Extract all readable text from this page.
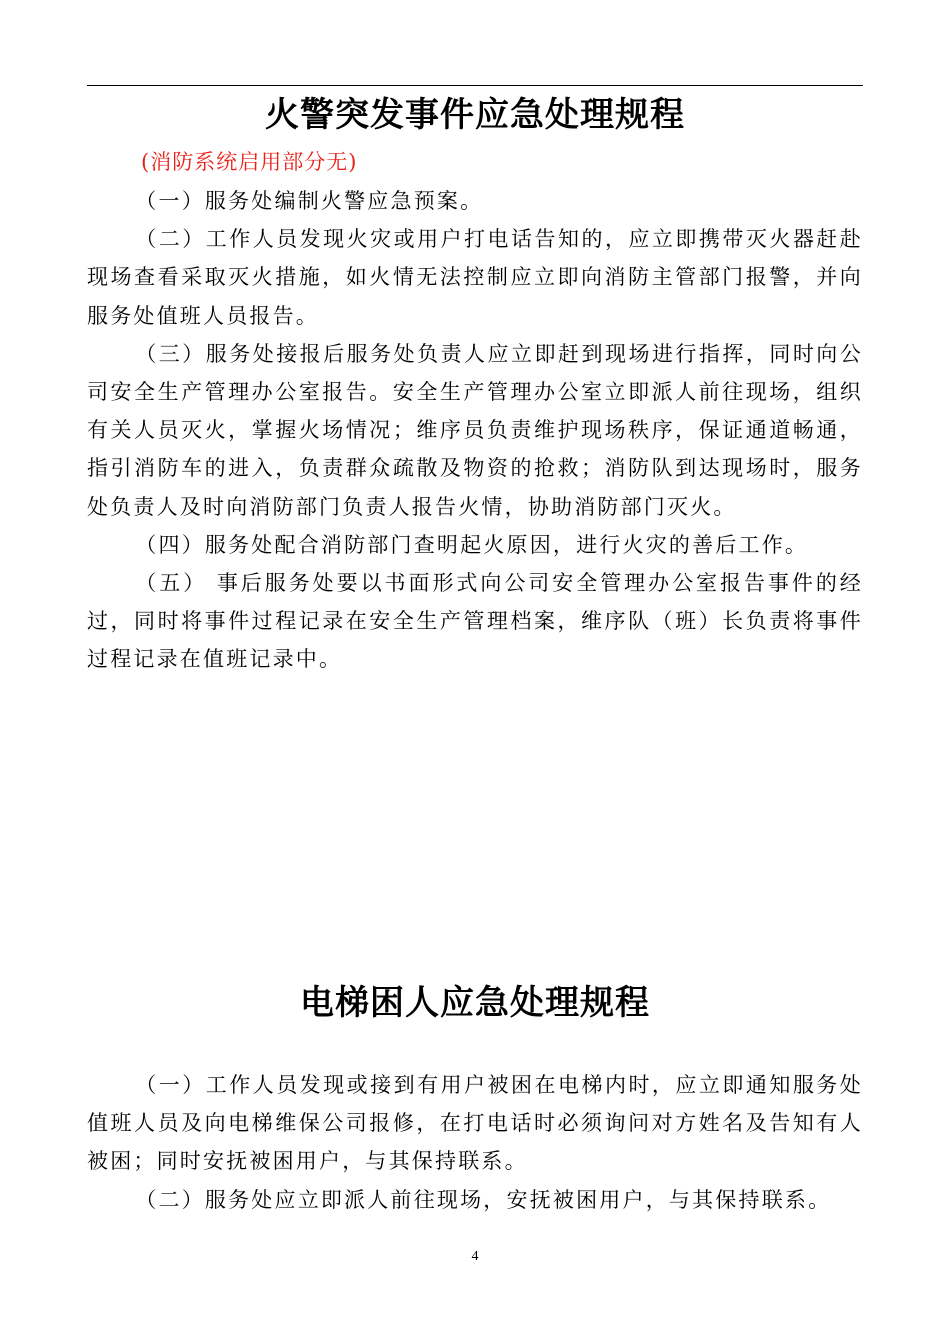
火警突发事件应急处理规程
(消防系统启用部分无)

（一）服务处编制火警应急预案。

（二）工作人员发现火灾或用户打电话告知的，应立即携带灭火器赶赴现场查看采取灭火措施，如火情无法控制应立即向消防主管部门报警，并向服务处值班人员报告。

（三）服务处接报后服务处负责人应立即赶到现场进行指挥，同时向公司安全生产管理办公室报告。安全生产管理办公室立即派人前往现场，组织有关人员灭火，掌握火场情况；维序员负责维护现场秩序，保证通道畅通，指引消防车的进入，负责群众疏散及物资的抢救；消防队到达现场时，服务处负责人及时向消防部门负责人报告火情，协助消防部门灭火。

（四）服务处配合消防部门查明起火原因，进行火灾的善后工作。

（五） 事后服务处要以书面形式向公司安全管理办公室报告事件的经过，同时将事件过程记录在安全生产管理档案，维序队（班）长负责将事件过程记录在值班记录中。

电梯困人应急处理规程

（一）工作人员发现或接到有用户被困在电梯内时，应立即通知服务处值班人员及向电梯维保公司报修，在打电话时必须询问对方姓名及告知有人被困；同时安抚被困用户，与其保持联系。

（二）服务处应立即派人前往现场，安抚被困用户，与其保持联系。

4
